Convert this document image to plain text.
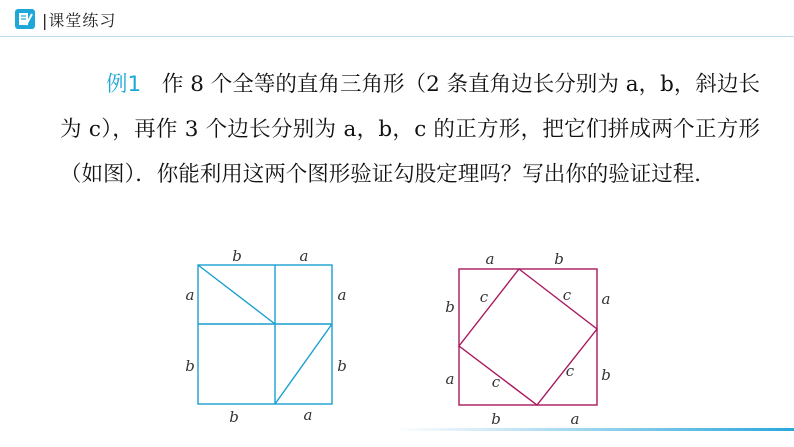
|课堂练习
例1 作 8 个全等的直角三角形（2 条直角边长分别为 a，b，斜边长为 c），再作 3 个边长分别为 a，b，c 的正方形，把它们拼成两个正方形（如图）．你能利用这两个图形验证勾股定理吗？写出你的验证过程．
b	a
a
b
a
b
b	a
a	b
b
a
a
b
b	a
c	c
c
c
